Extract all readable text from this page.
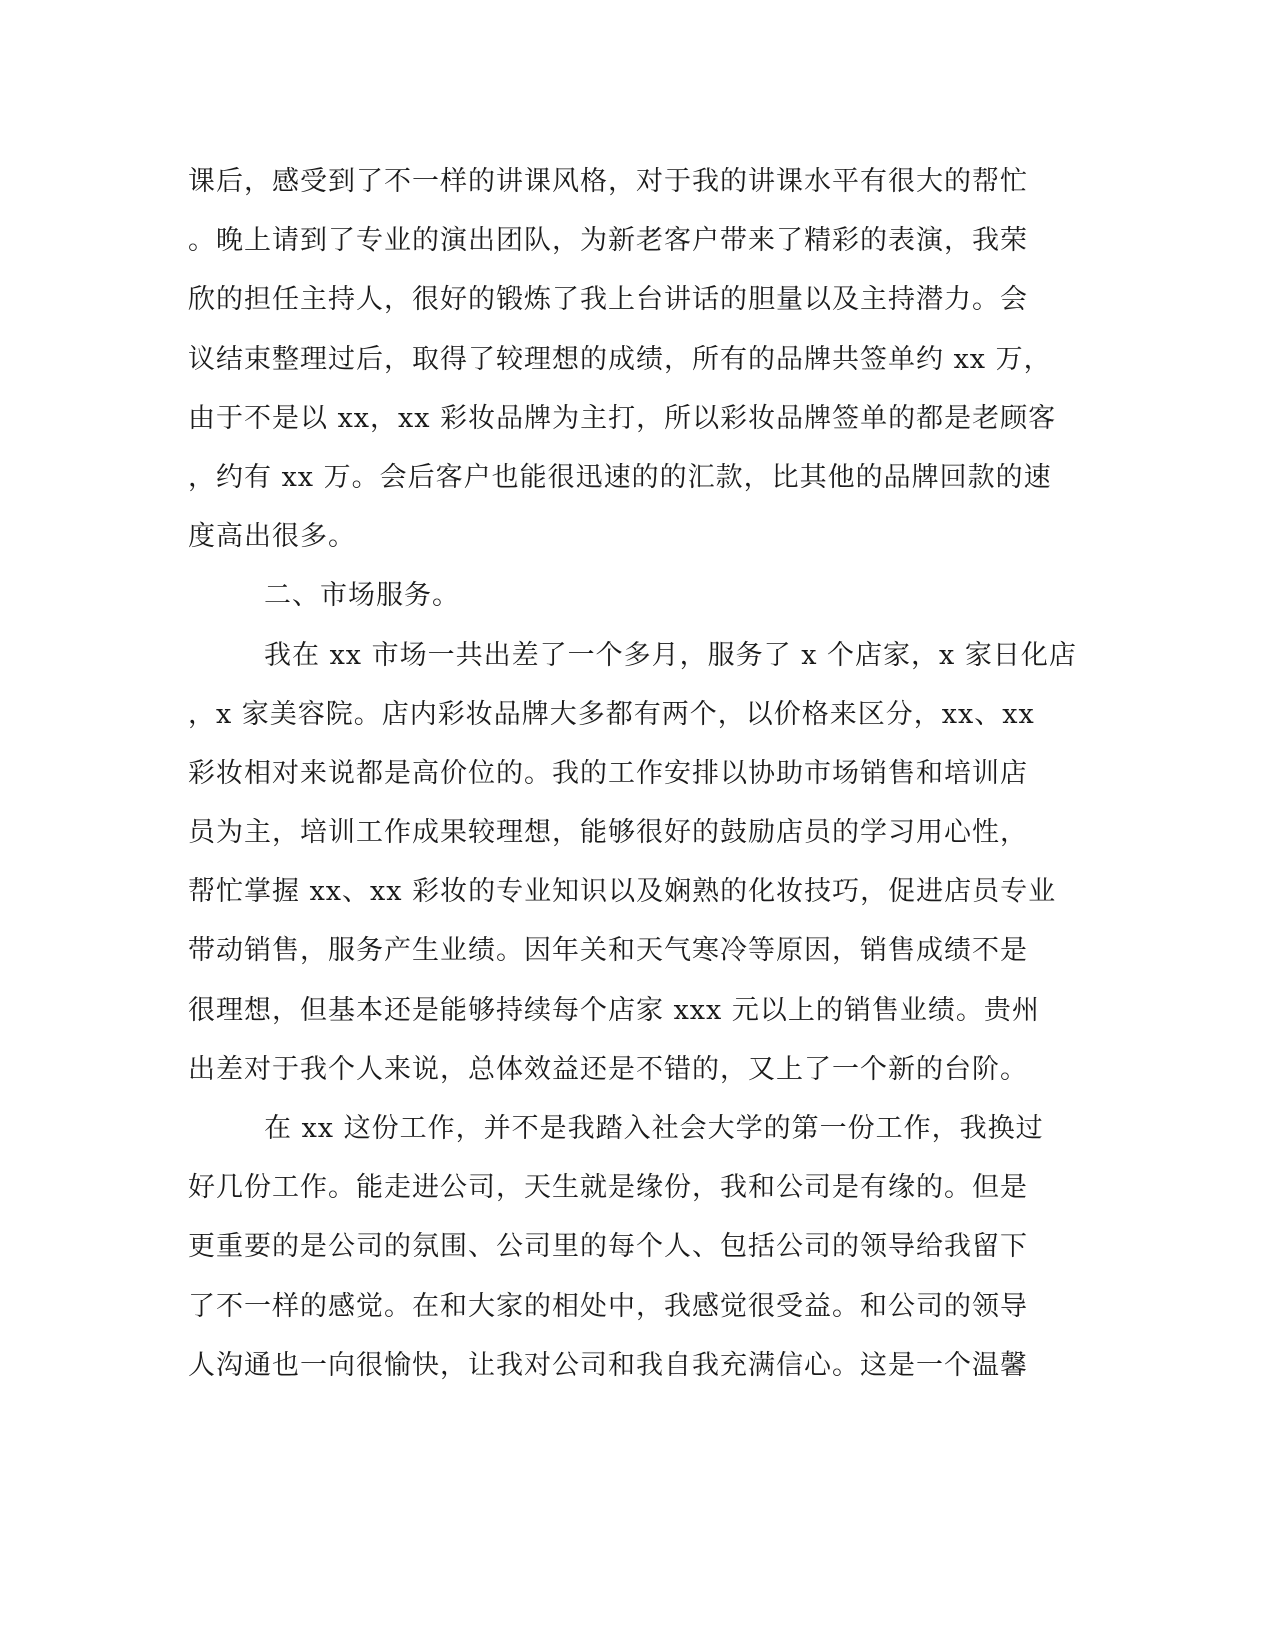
课后，感受到了不一样的讲课风格，对于我的讲课水平有很大的帮忙
。晚上请到了专业的演出团队，为新老客户带来了精彩的表演，我荣
欣的担任主持人，很好的锻炼了我上台讲话的胆量以及主持潜力。会
议结束整理过后，取得了较理想的成绩，所有的品牌共签单约 xx 万，
由于不是以 xx，xx 彩妆品牌为主打，所以彩妆品牌签单的都是老顾客
，约有 xx 万。会后客户也能很迅速的的汇款，比其他的品牌回款的速
度高出很多。
二、市场服务。
我在 xx 市场一共出差了一个多月，服务了 x 个店家，x 家日化店
，x 家美容院。店内彩妆品牌大多都有两个，以价格来区分，xx、xx
彩妆相对来说都是高价位的。我的工作安排以协助市场销售和培训店
员为主，培训工作成果较理想，能够很好的鼓励店员的学习用心性，
帮忙掌握 xx、xx 彩妆的专业知识以及娴熟的化妆技巧，促进店员专业
带动销售，服务产生业绩。因年关和天气寒冷等原因，销售成绩不是
很理想，但基本还是能够持续每个店家 xxx 元以上的销售业绩。贵州
出差对于我个人来说，总体效益还是不错的，又上了一个新的台阶。
在 xx 这份工作，并不是我踏入社会大学的第一份工作，我换过
好几份工作。能走进公司，天生就是缘份，我和公司是有缘的。但是
更重要的是公司的氛围、公司里的每个人、包括公司的领导给我留下
了不一样的感觉。在和大家的相处中，我感觉很受益。和公司的领导
人沟通也一向很愉快，让我对公司和我自我充满信心。这是一个温馨
